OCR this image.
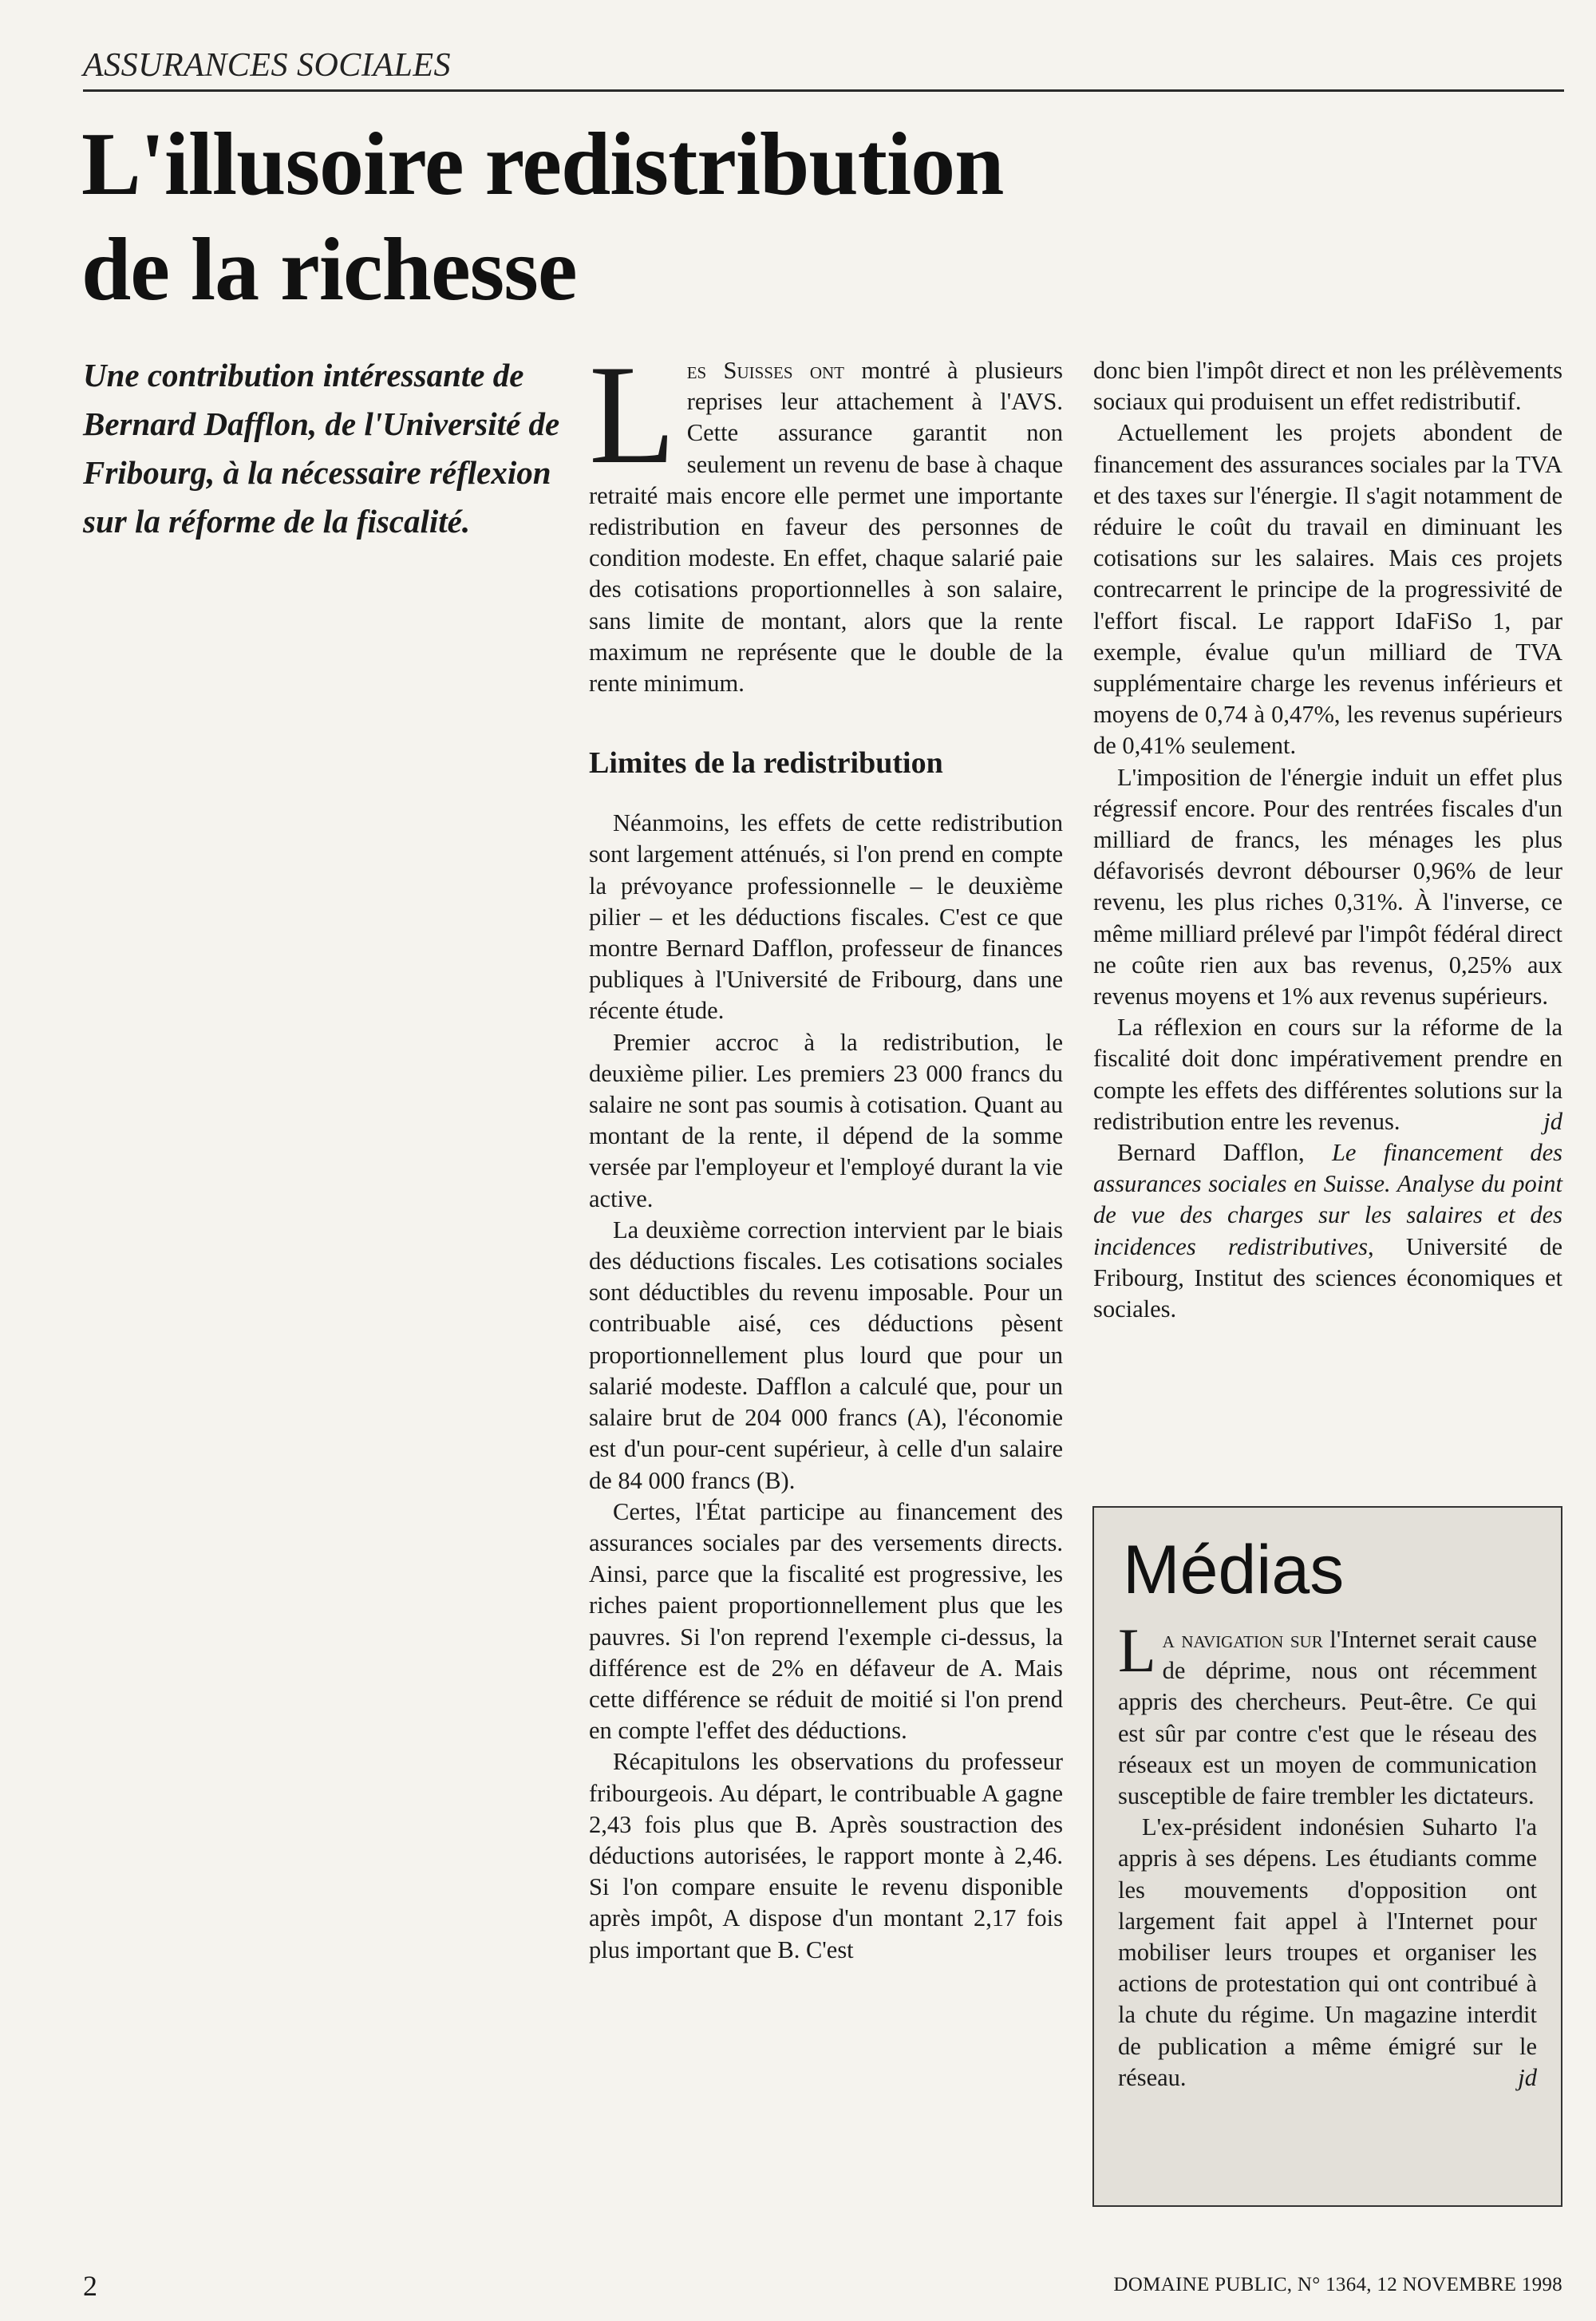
ASSURANCES SOCIALES
L'illusoire redistribution
de la richesse
Une contribution intéressante de Bernard Dafflon, de l'Université de Fribourg, à la nécessaire réflexion sur la réforme de la fiscalité.

Les Suisses ont montré à plusieurs reprises leur attachement à l'AVS. Cette assurance garantit non seulement un revenu de base à chaque retraité mais encore elle permet une importante redistribution en faveur des personnes de condition modeste. En effet, chaque salarié paie des cotisations proportionnelles à son salaire, sans limite de montant, alors que la rente maximum ne représente que le double de la rente minimum.

Limites de la redistribution

Néanmoins, les effets de cette redistribution sont largement atténués, si l'on prend en compte la prévoyance professionnelle – le deuxième pilier – et les déductions fiscales. C'est ce que montre Bernard Dafflon, professeur de finances publiques à l'Université de Fribourg, dans une récente étude.

Premier accroc à la redistribution, le deuxième pilier. Les premiers 23 000 francs du salaire ne sont pas soumis à cotisation. Quant au montant de la rente, il dépend de la somme versée par l'employeur et l'employé durant la vie active.

La deuxième correction intervient par le biais des déductions fiscales. Les cotisations sociales sont déductibles du revenu imposable. Pour un contribuable aisé, ces déductions pèsent proportionnellement plus lourd que pour un salarié modeste. Dafflon a calculé que, pour un salaire brut de 204 000 francs (A), l'économie est d'un pour-cent supérieur, à celle d'un salaire de 84 000 francs (B).

Certes, l'État participe au financement des assurances sociales par des versements directs. Ainsi, parce que la fiscalité est progressive, les riches paient proportionnellement plus que les pauvres. Si l'on reprend l'exemple ci-dessus, la différence est de 2% en défaveur de A. Mais cette différence se réduit de moitié si l'on prend en compte l'effet des déductions.

Récapitulons les observations du professeur fribourgeois. Au départ, le contribuable A gagne 2,43 fois plus que B. Après soustraction des déductions autorisées, le rapport monte à 2,46. Si l'on compare ensuite le revenu disponible après impôt, A dispose d'un montant 2,17 fois plus important que B. C'est

donc bien l'impôt direct et non les prélèvements sociaux qui produisent un effet redistributif.

Actuellement les projets abondent de financement des assurances sociales par la TVA et des taxes sur l'énergie. Il s'agit notamment de réduire le coût du travail en diminuant les cotisations sur les salaires. Mais ces projets contrecarrent le principe de la progressivité de l'effort fiscal. Le rapport IdaFiSo 1, par exemple, évalue qu'un milliard de TVA supplémentaire charge les revenus inférieurs et moyens de 0,74 à 0,47%, les revenus supérieurs de 0,41% seulement.

L'imposition de l'énergie induit un effet plus régressif encore. Pour des rentrées fiscales d'un milliard de francs, les ménages les plus défavorisés devront débourser 0,96% de leur revenu, les plus riches 0,31%. À l'inverse, ce même milliard prélevé par l'impôt fédéral direct ne coûte rien aux bas revenus, 0,25% aux revenus moyens et 1% aux revenus supérieurs.

La réflexion en cours sur la réforme de la fiscalité doit donc impérativement prendre en compte les effets des différentes solutions sur la redistribution entre les revenus.	jd

Bernard Dafflon, Le financement des assurances sociales en Suisse. Analyse du point de vue des charges sur les salaires et des incidences redistributives, Université de Fribourg, Institut des sciences économiques et sociales.

Médias

La navigation sur l'Internet serait cause de déprime, nous ont récemment appris des chercheurs. Peut-être. Ce qui est sûr par contre c'est que le réseau des réseaux est un moyen de communication susceptible de faire trembler les dictateurs.

L'ex-président indonésien Suharto l'a appris à ses dépens. Les étudiants comme les mouvements d'opposition ont largement fait appel à l'Internet pour mobiliser leurs troupes et organiser les actions de protestation qui ont contribué à la chute du régime. Un magazine interdit de publication a même émigré sur le réseau.	jd

2	DOMAINE PUBLIC, N° 1364, 12 NOVEMBRE 1998
